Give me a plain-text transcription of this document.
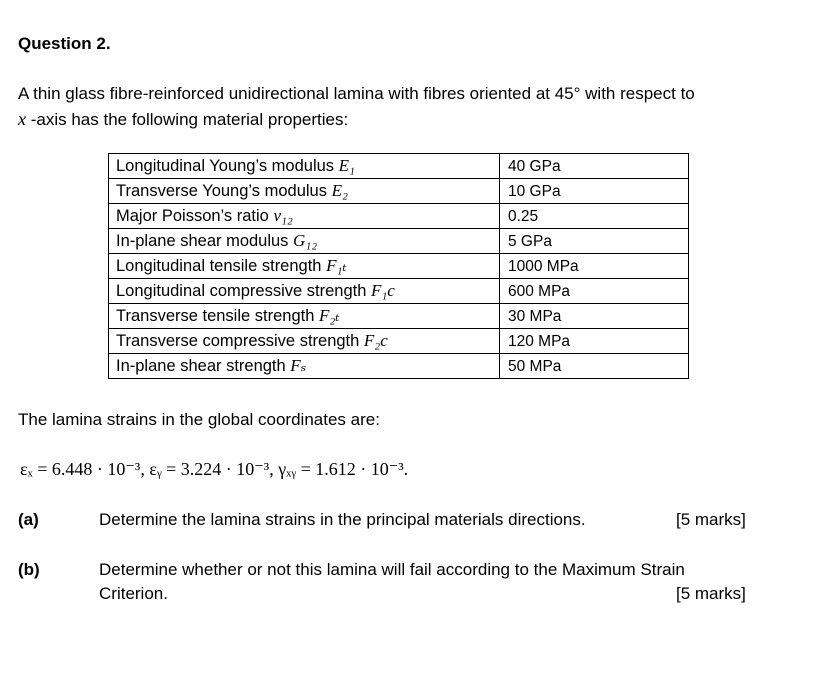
Question 2.
A thin glass fibre-reinforced unidirectional lamina with fibres oriented at 45° with respect to
x -axis has the following material properties:
Longitudinal Young’s modulus E₁	40 GPa
Transverse Young’s modulus E₂	10 GPa
Major Poisson’s ratio ν₁₂	0.25
In-plane shear modulus G₁₂	5 GPa
Longitudinal tensile strength F₁ₜ	1000 MPa
Longitudinal compressive strength F₁c	600 MPa
Transverse tensile strength F₂ₜ	30 MPa
Transverse compressive strength F₂c	120 MPa
In-plane shear strength Fₛ	50 MPa
The lamina strains in the global coordinates are:
εₓ = 6.448 · 10⁻³, εᵧ = 3.224 · 10⁻³, γₓᵧ = 1.612 · 10⁻³.
(a)	Determine the lamina strains in the principal materials directions.	[5 marks]
(b)	Determine whether or not this lamina will fail according to the Maximum Strain
Criterion.	[5 marks]
